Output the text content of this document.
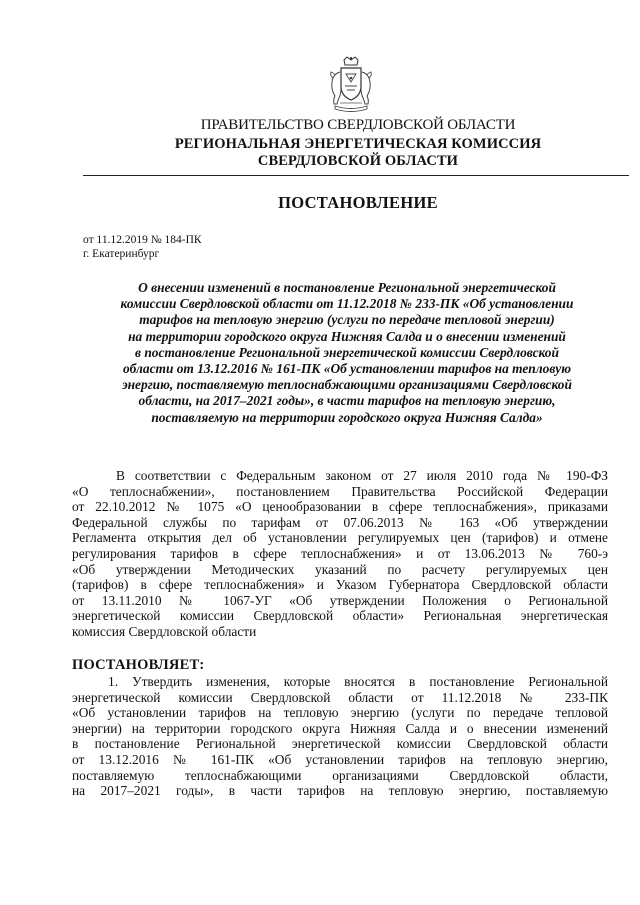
ПРАВИТЕЛЬСТВО СВЕРДЛОВСКОЙ ОБЛАСТИ
РЕГИОНАЛЬНАЯ ЭНЕРГЕТИЧЕСКАЯ КОМИССИЯ
СВЕРДЛОВСКОЙ ОБЛАСТИ
ПОСТАНОВЛЕНИЕ
от 11.12.2019 № 184-ПК
г. Екатеринбург
О внесении изменений в постановление Региональной энергетической
комиссии Свердловской области от 11.12.2018 № 233-ПК «Об установлении
тарифов на тепловую энергию (услуги по передаче тепловой энергии)
на территории городского округа Нижняя Салда и о внесении изменений
в постановление Региональной энергетической комиссии Свердловской
области от 13.12.2016 № 161-ПК «Об установлении тарифов на тепловую
энергию, поставляемую теплоснабжающими организациями Свердловской
области, на 2017–2021 годы», в части тарифов на тепловую энергию,
поставляемую на территории городского округа Нижняя Салда»
В соответствии с Федеральным законом от 27 июля 2010 года № 190-ФЗ
«О теплоснабжении», постановлением Правительства Российской Федерации
от 22.10.2012 № 1075 «О ценообразовании в сфере теплоснабжения», приказами
Федеральной службы по тарифам от 07.06.2013 № 163 «Об утверждении
Регламента открытия дел об установлении регулируемых цен (тарифов) и отмене
регулирования тарифов в сфере теплоснабжения» и от 13.06.2013 № 760-э
«Об утверждении Методических указаний по расчету регулируемых цен
(тарифов) в сфере теплоснабжения» и Указом Губернатора Свердловской области
от 13.11.2010 № 1067-УГ «Об утверждении Положения о Региональной
энергетической комиссии Свердловской области» Региональная энергетическая
комиссия Свердловской области
ПОСТАНОВЛЯЕТ:
1. Утвердить изменения, которые вносятся в постановление Региональной
энергетической комиссии Свердловской области от 11.12.2018 № 233-ПК
«Об установлении тарифов на тепловую энергию (услуги по передаче тепловой
энергии) на территории городского округа Нижняя Салда и о внесении изменений
в постановление Региональной энергетической комиссии Свердловской области
от 13.12.2016 № 161-ПК «Об установлении тарифов на тепловую энергию,
поставляемую теплоснабжающими организациями Свердловской области,
на 2017–2021 годы», в части тарифов на тепловую энергию, поставляемую
